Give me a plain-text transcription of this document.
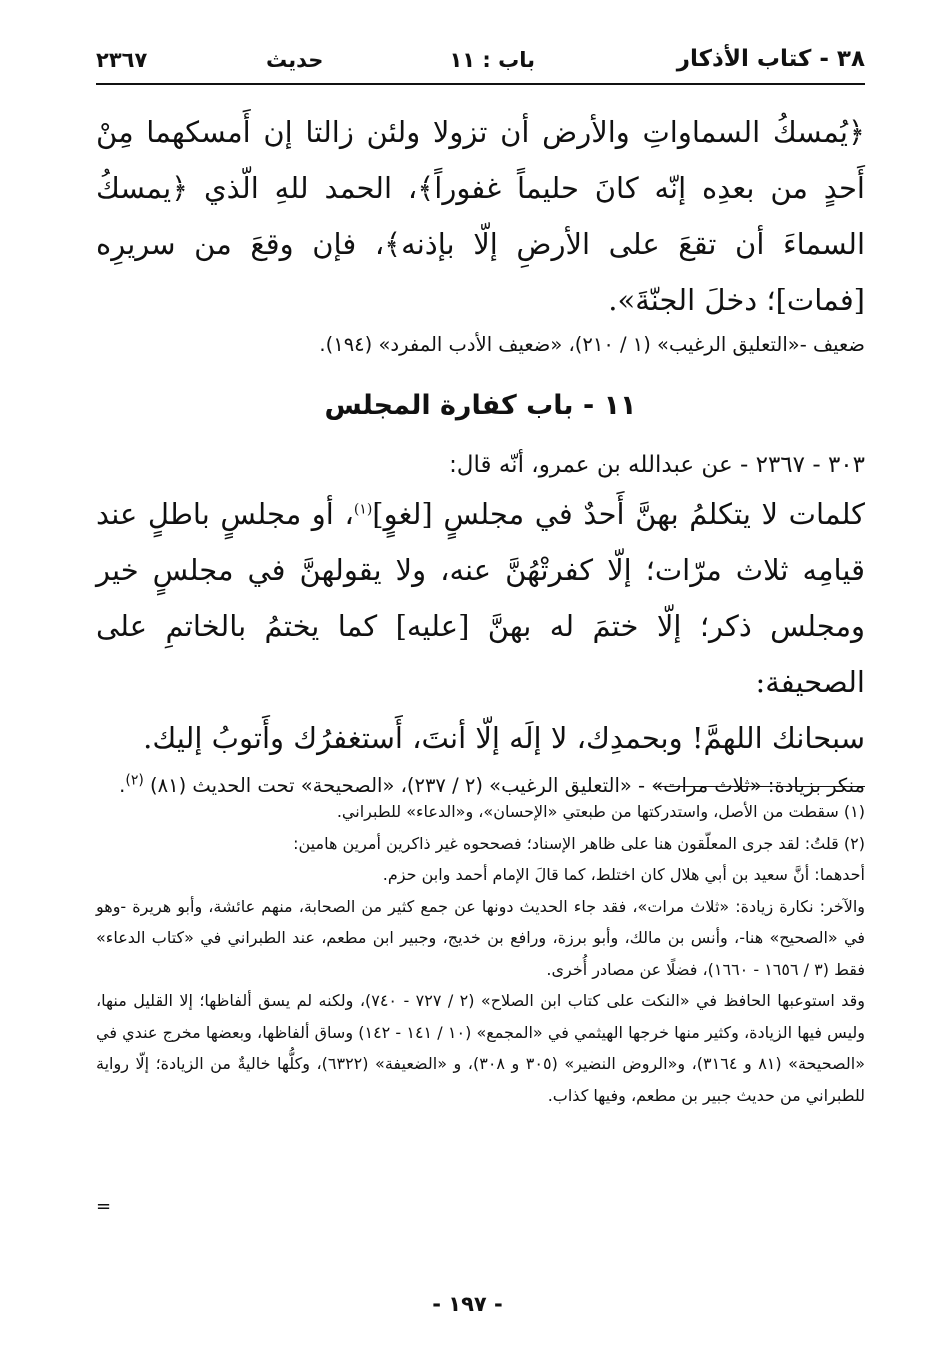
٣٨ - كتاب الأذكار
باب : ١١
حديث
٢٣٦٧

﴿يُمسكُ السماواتِ والأرض أن تزولا ولئن زالتا إن أَمسكهما مِنْ أَحدٍ من بعدِه إنّه كانَ حليماً غفوراً﴾، الحمد للهِ الّذي ﴿يمسكُ السماءَ أن تقعَ على الأرضِ إلّا بإذنه﴾، فإن وقعَ من سريرِه [فمات]؛ دخلَ الجنّةَ».

ضعيف -«التعليق الرغيب» (١ / ٢١٠)، «ضعيف الأدب المفرد» (١٩٤).

١١ - باب كفارة المجلس

٣٠٣ - ٢٣٦٧ - عن عبدالله بن عمرو، أنّه قال:

كلمات لا يتكلمُ بهنَّ أَحدٌ في مجلسٍ [لغوٍ]$^{(١)}$، أو مجلسٍ باطلٍ عند قيامِه ثلاث مرّات؛ إلّا كفرتْهُنَّ عنه، ولا يقولهنَّ في مجلسٍ خير ومجلس ذكر؛ إلّا ختمَ له بهنَّ [عليه] كما يختمُ بالخاتمِ على الصحيفة:

سبحانك اللهمَّ! وبحمدِك، لا إلَه إلّا أنتَ، أَستغفرُك وأَتوبُ إليك.

منكر بزيادة: «ثلاث مرات» - «التعليق الرغيب» (٢ / ٢٣٧)، «الصحيحة» تحت الحديث (٨١) $^{(٢)}$.

(١) سقطت من الأصل، واستدركتها من طبعتي «الإحسان»، و«الدعاء» للطبراني.

(٢) قلتُ: لقد جرى المعلّقون هنا على ظاهر الإسناد؛ فصححوه غير ذاكرين أمرين هامين:

أحدهما: أنَّ سعيد بن أبي هلال كان اختلط، كما قالَ الإمام أحمد وابن حزم.

والآخر: نكارة زيادة: «ثلاث مرات»، فقد جاء الحديث دونها عن جمع كثير من الصحابة، منهم عائشة، وأبو هريرة -وهو في «الصحيح» هنا-، وأنس بن مالك، وأبو برزة، ورافع بن خديج، وجبير ابن مطعم، عند الطبراني في «كتاب الدعاء» فقط (٣ / ١٦٥٦ - ١٦٦٠)، فضلًا عن مصادر أُخرى.

وقد استوعبها الحافظ في «النكت على كتاب ابن الصلاح» (٢ / ٧٢٧ - ٧٤٠)، ولكنه لم يسق ألفاظها؛ إلا القليل منها، وليس فيها الزيادة، وكثير منها خرجها الهيثمي في «المجمع» (١٠ / ١٤١ - ١٤٢) وساق ألفاظها، وبعضها مخرج عندي في «الصحيحة» (٨١ و ٣١٦٤)، و«الروض النضير» (٣٠٥ و ٣٠٨)، و «الضعيفة» (٦٣٢٢)، وكلُّها خاليةٌ من الزيادة؛ إلّا رواية للطبراني من حديث جبير بن مطعم، وفيها كذاب.

=
- ١٩٧ -
